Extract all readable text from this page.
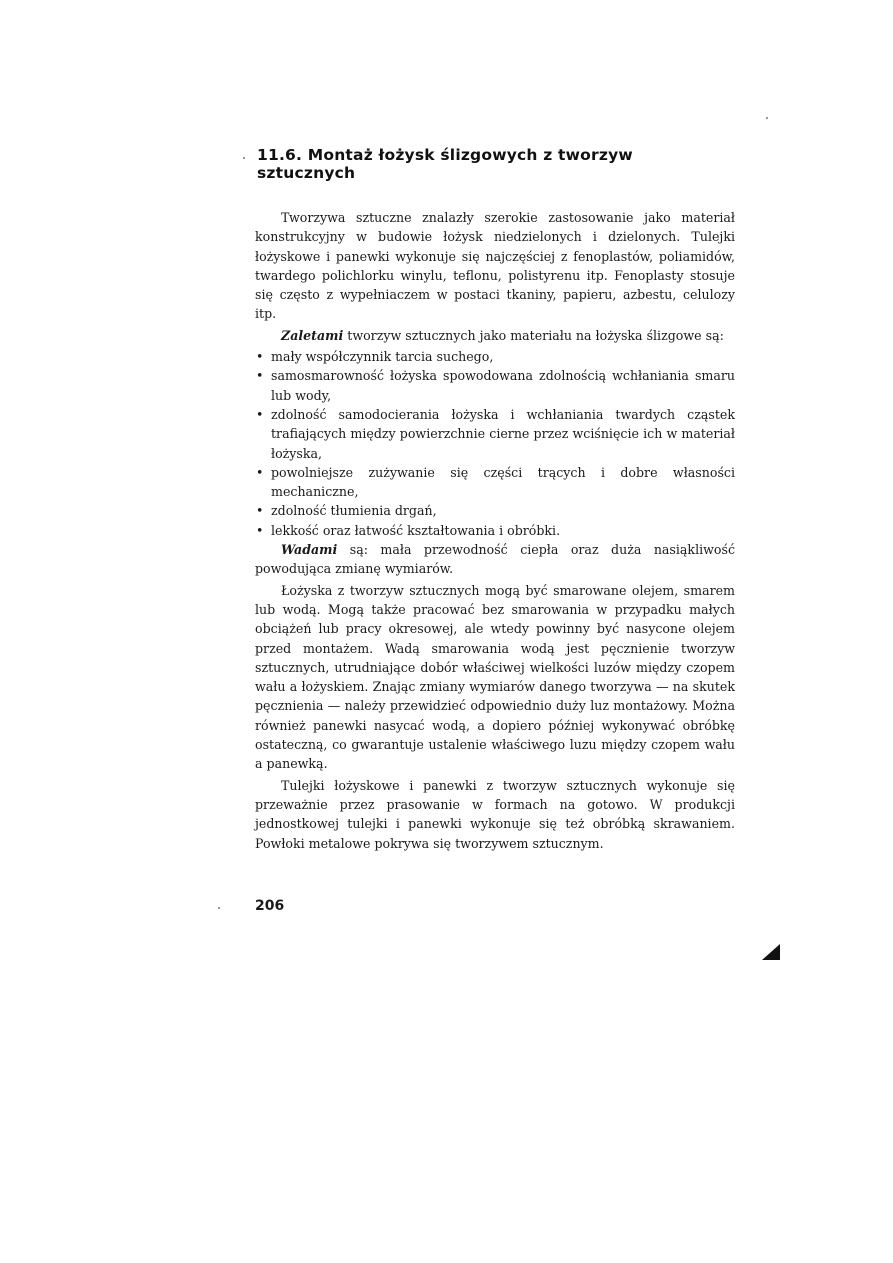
11.6. Montaż łożysk ślizgowych z tworzyw sztucznych

Tworzywa sztuczne znalazły szerokie zastosowanie jako materiał konstrukcyjny w budowie łożysk niedzielonych i dzielonych. Tulejki łożyskowe i panewki wykonuje się najczęściej z fenoplastów, poliamidów, twardego polichlorku winylu, teflonu, polistyrenu itp. Fenoplasty stosuje się często z wypełniaczem w postaci tkaniny, papieru, azbestu, celulozy itp.

Zaletami tworzyw sztucznych jako materiału na łożyska ślizgowe są:

• mały współczynnik tarcia suchego,
• samosmarowność łożyska spowodowana zdolnością wchłaniania smaru lub wody,
• zdolność samodocierania łożyska i wchłaniania twardych cząstek trafiających między powierzchnie cierne przez wciśnięcie ich w materiał łożyska,
• powolniejsze zużywanie się części trących i dobre własności mechaniczne,
• zdolność tłumienia drgań,
• lekkość oraz łatwość kształtowania i obróbki.

Wadami są: mała przewodność ciepła oraz duża nasiąkliwość powodująca zmianę wymiarów.

Łożyska z tworzyw sztucznych mogą być smarowane olejem, smarem lub wodą. Mogą także pracować bez smarowania w przypadku małych obciążeń lub pracy okresowej, ale wtedy powinny być nasycone olejem przed montażem. Wadą smarowania wodą jest pęcznienie tworzyw sztucznych, utrudniające dobór właściwej wielkości luzów między czopem wału a łożyskiem. Znając zmiany wymiarów danego tworzywa — na skutek pęcznienia — należy przewidzieć odpowiednio duży luz montażowy. Można również panewki nasycać wodą, a dopiero później wykonywać obróbkę ostateczną, co gwarantuje ustalenie właściwego luzu między czopem wału a panewką.

Tulejki łożyskowe i panewki z tworzyw sztucznych wykonuje się przeważnie przez prasowanie w formach na gotowo. W produkcji jednostkowej tulejki i panewki wykonuje się też obróbką skrawaniem. Powłoki metalowe pokrywa się tworzywem sztucznym.

206
